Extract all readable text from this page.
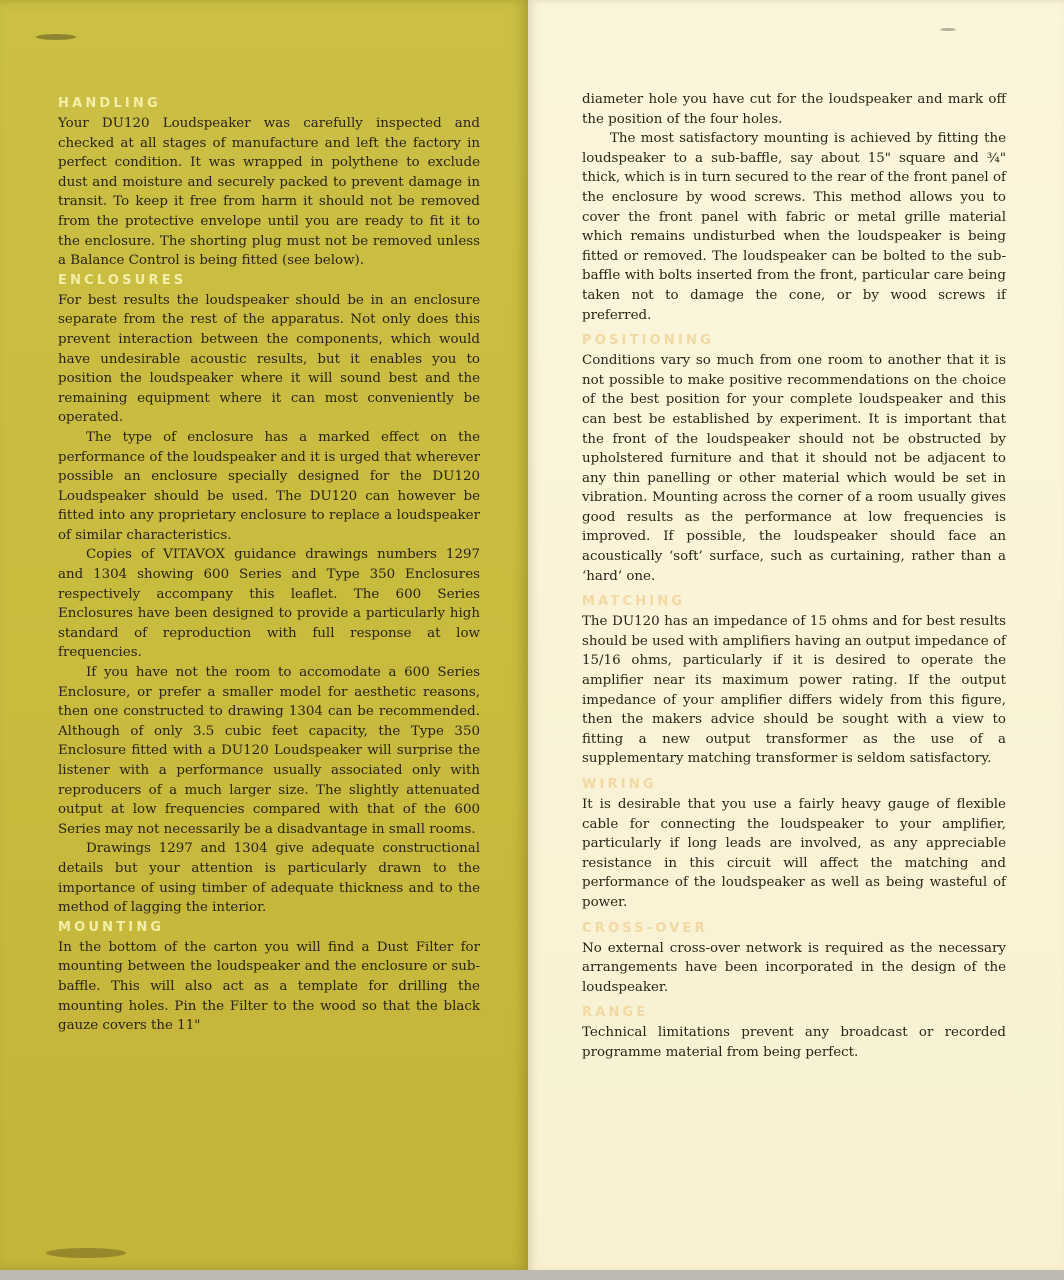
HANDLING

Your DU120 Loudspeaker was carefully inspected and checked at all stages of manufacture and left the factory in perfect condition. It was wrapped in polythene to exclude dust and moisture and securely packed to prevent damage in transit. To keep it free from harm it should not be removed from the protective envelope until you are ready to fit it to the enclosure. The shorting plug must not be removed unless a Balance Control is being fitted (see below).

ENCLOSURES

For best results the loudspeaker should be in an enclosure separate from the rest of the apparatus. Not only does this prevent interaction between the components, which would have undesirable acoustic results, but it enables you to position the loudspeaker where it will sound best and the remaining equipment where it can most conveniently be operated.

The type of enclosure has a marked effect on the performance of the loudspeaker and it is urged that wherever possible an enclosure specially designed for the DU120 Loudspeaker should be used. The DU120 can however be fitted into any proprietary enclosure to replace a loudspeaker of similar characteristics.

Copies of VITAVOX guidance drawings numbers 1297 and 1304 showing 600 Series and Type 350 Enclosures respectively accompany this leaflet. The 600 Series Enclosures have been designed to provide a particularly high standard of reproduction with full response at low frequencies.

If you have not the room to accomodate a 600 Series Enclosure, or prefer a smaller model for aesthetic reasons, then one constructed to drawing 1304 can be recommended. Although of only 3.5 cubic feet capacity, the Type 350 Enclosure fitted with a DU120 Loudspeaker will surprise the listener with a performance usually associated only with reproducers of a much larger size. The slightly attenuated output at low frequencies compared with that of the 600 Series may not necessarily be a disadvantage in small rooms.

Drawings 1297 and 1304 give adequate constructional details but your attention is particularly drawn to the importance of using timber of adequate thickness and to the method of lagging the interior.

MOUNTING

In the bottom of the carton you will find a Dust Filter for mounting between the loudspeaker and the enclosure or sub-baffle. This will also act as a template for drilling the mounting holes. Pin the Filter to the wood so that the black gauze covers the 11"

diameter hole you have cut for the loudspeaker and mark off the position of the four holes.

The most satisfactory mounting is achieved by fitting the loudspeaker to a sub-baffle, say about 15" square and ¾" thick, which is in turn secured to the rear of the front panel of the enclosure by wood screws. This method allows you to cover the front panel with fabric or metal grille material which remains undisturbed when the loudspeaker is being fitted or removed. The loudspeaker can be bolted to the sub-baffle with bolts inserted from the front, particular care being taken not to damage the cone, or by wood screws if preferred.

POSITIONING

Conditions vary so much from one room to another that it is not possible to make positive recommendations on the choice of the best position for your complete loudspeaker and this can best be established by experiment. It is important that the front of the loudspeaker should not be obstructed by upholstered furniture and that it should not be adjacent to any thin panelling or other material which would be set in vibration. Mounting across the corner of a room usually gives good results as the performance at low frequencies is improved. If possible, the loudspeaker should face an acoustically ‘soft’ surface, such as curtaining, rather than a ‘hard’ one.

MATCHING

The DU120 has an impedance of 15 ohms and for best results should be used with amplifiers having an output impedance of 15/16 ohms, particularly if it is desired to operate the amplifier near its maximum power rating. If the output impedance of your amplifier differs widely from this figure, then the makers advice should be sought with a view to fitting a new output transformer as the use of a supplementary matching transformer is seldom satisfactory.

WIRING

It is desirable that you use a fairly heavy gauge of flexible cable for connecting the loudspeaker to your amplifier, particularly if long leads are involved, as any appreciable resistance in this circuit will affect the matching and performance of the loudspeaker as well as being wasteful of power.

CROSS-OVER

No external cross-over network is required as the necessary arrangements have been incorporated in the design of the loudspeaker.

RANGE

Technical limitations prevent any broadcast or recorded programme material from being perfect.
